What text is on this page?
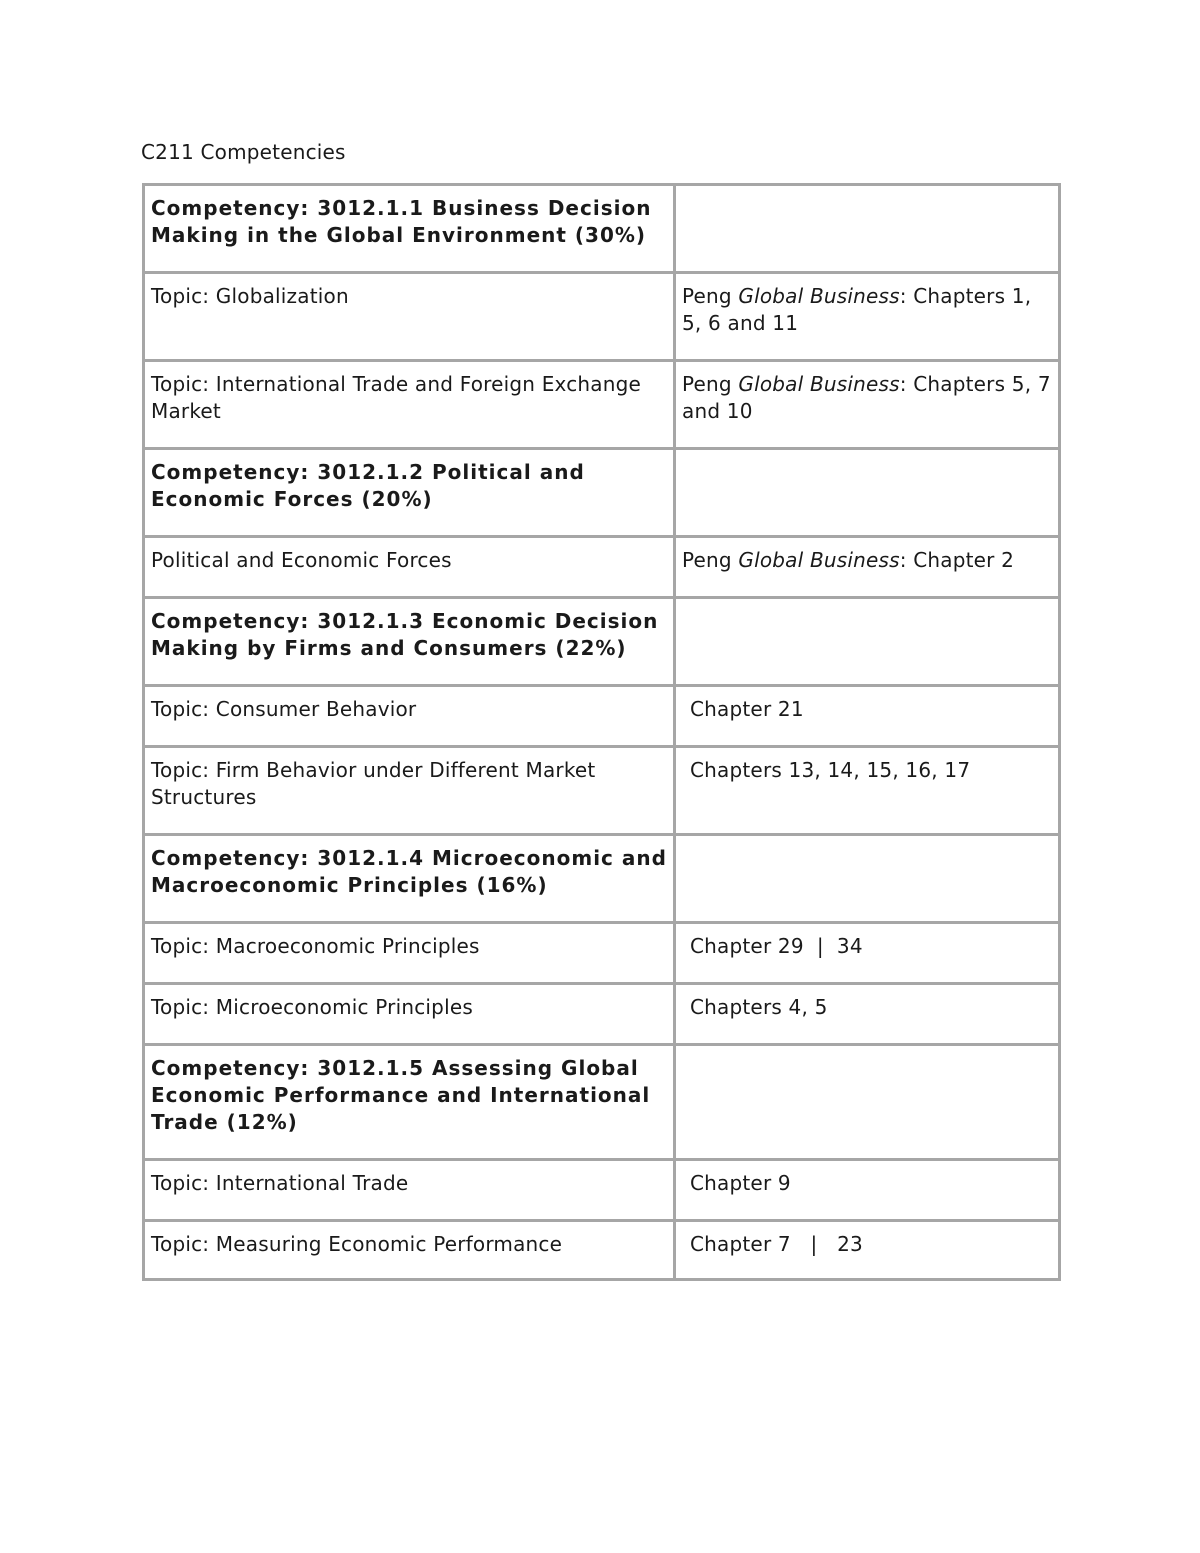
C211 Competencies
Competency: 3012.1.1 Business Decision Making in the Global Environment (30%)	
Topic: Globalization	Peng Global Business: Chapters 1, 5, 6 and 11
Topic: International Trade and Foreign Exchange Market	Peng Global Business: Chapters 5, 7 and 10
Competency: 3012.1.2 Political and Economic Forces (20%)	
Political and Economic Forces	Peng Global Business: Chapter 2
Competency: 3012.1.3 Economic Decision Making by Firms and Consumers (22%)	
Topic: Consumer Behavior	Chapter 21
Topic: Firm Behavior under Different Market Structures	Chapters 13, 14, 15, 16, 17
Competency: 3012.1.4 Microeconomic and Macroeconomic Principles (16%)	
Topic: Macroeconomic Principles	Chapter 29  |  34
Topic: Microeconomic Principles	Chapters 4, 5
Competency: 3012.1.5 Assessing Global Economic Performance and International Trade (12%)	
Topic: International Trade	Chapter 9
Topic: Measuring Economic Performance	Chapter 7   |   23
